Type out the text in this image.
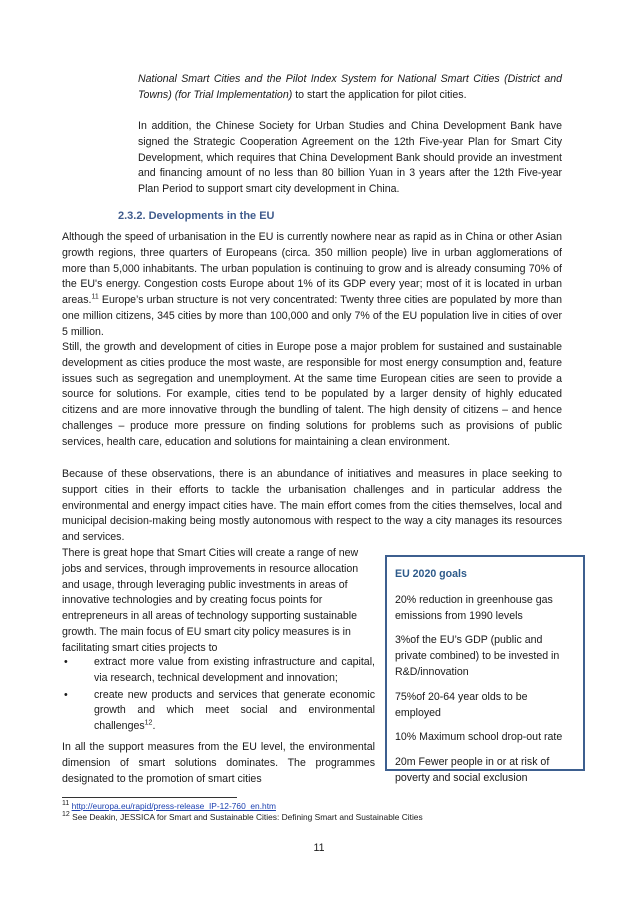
National Smart Cities and the Pilot Index System for National Smart Cities (District and Towns) (for Trial Implementation) to start the application for pilot cities.

In addition, the Chinese Society for Urban Studies and China Development Bank have signed the Strategic Cooperation Agreement on the 12th Five-year Plan for Smart City Development, which requires that China Development Bank should provide an investment and financing amount of no less than 80 billion Yuan in 3 years after the 12th Five-year Plan Period to support smart city development in China.

2.3.2. Developments in the EU
Although the speed of urbanisation in the EU is currently nowhere near as rapid as in China or other Asian growth regions, three quarters of Europeans (circa. 350 million people) live in urban agglomerations of more than 5,000 inhabitants. The urban population is continuing to grow and is already consuming 70% of the EU's energy. Congestion costs Europe about 1% of its GDP every year; most of it is located in urban areas.$^{11}$ Europe’s urban structure is not very concentrated: Twenty three cities are populated by more than one million citizens, 345 cities by more than 100,000 and only 7% of the EU population live in cities of over 5 million.

Still, the growth and development of cities in Europe pose a major problem for sustained and sustainable development as cities produce the most waste, are responsible for most energy consumption and, feature issues such as segregation and unemployment. At the same time European cities are seen to provide a source for solutions. For example, cities tend to be populated by a larger density of highly educated citizens and are more innovative through the bundling of talent. The high density of citizens – and hence challenges – produce more pressure on finding solutions for problems such as provisions of public services, health care, education and solutions for maintaining a clean environment.

Because of these observations, there is an abundance of initiatives and measures in place seeking to support cities in their efforts to tackle the urbanisation challenges and in particular address the environmental and energy impact cities have. The main effort comes from the cities themselves, local and municipal decision-making being mostly autonomous with respect to the way a city manages its resources and services.

There is great hope that Smart Cities will create a range of new jobs and services, through improvements in resource allocation and usage, through leveraging public investments in areas of innovative technologies and by creating focus points for entrepreneurs in all areas of technology supporting sustainable growth. The main focus of EU smart city policy measures is in facilitating smart cities projects to

• extract more value from existing infrastructure and capital, via research, technical development and innovation;
• create new products and services that generate economic growth and which meet social and environmental challenges$^{12}$.

In all the support measures from the EU level, the environmental dimension of smart solutions dominates. The programmes designated to the promotion of smart cities

EU 2020 goals
20% reduction in greenhouse gas emissions from 1990 levels
3%of the EU’s GDP (public and private combined) to be invested in R&D/innovation
75%of 20-64 year olds to be employed
10% Maximum school drop-out rate
20m Fewer people in or at risk of poverty and social exclusion
$^{11}$ http://europa.eu/rapid/press-release_IP-12-760_en.htm
$^{12}$ See Deakin, JESSICA for Smart and Sustainable Cities: Defining Smart and Sustainable Cities
11
